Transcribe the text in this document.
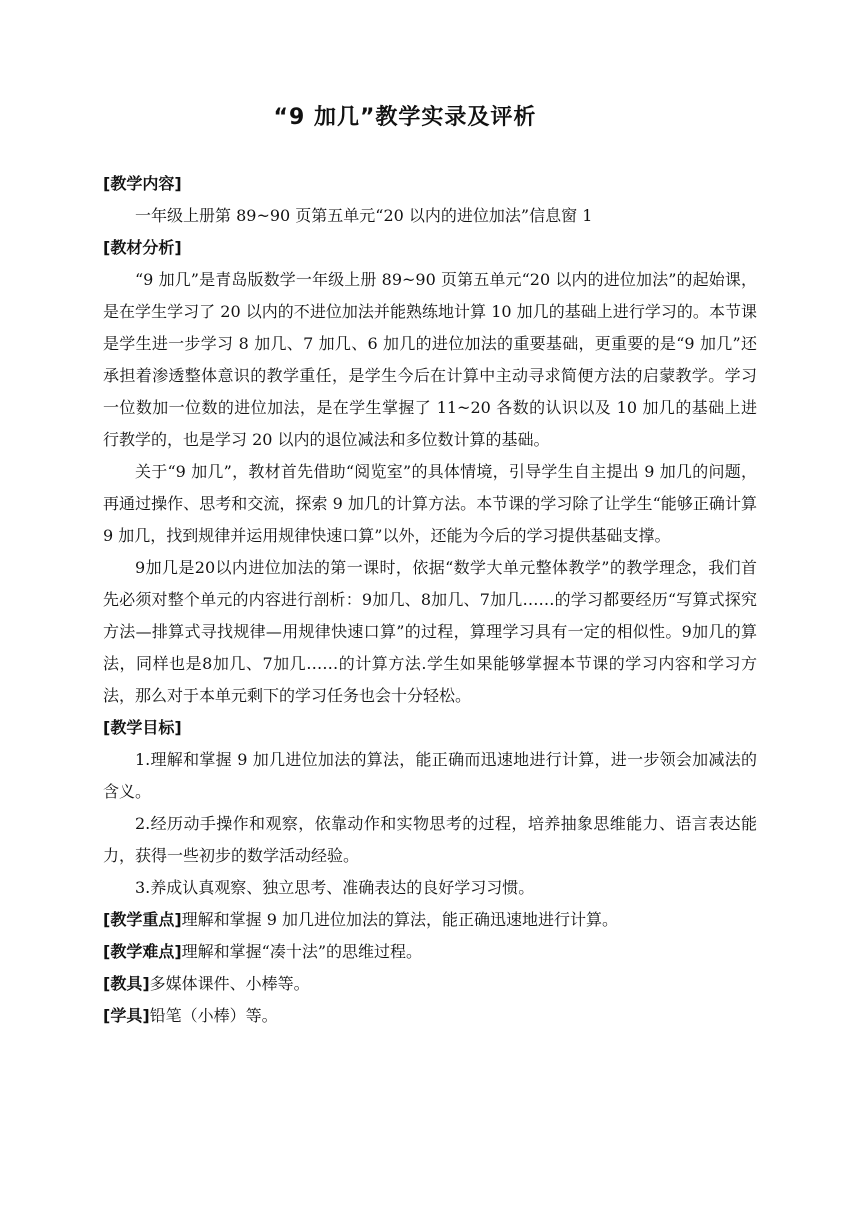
“9 加几”教学实录及评析

[教学内容]

一年级上册第 89~90 页第五单元“20 以内的进位加法”信息窗 1

[教材分析]

“9 加几”是青岛版数学一年级上册 89~90 页第五单元“20 以内的进位加法”的起始课，是在学生学习了 20 以内的不进位加法并能熟练地计算 10 加几的基础上进行学习的。本节课是学生进一步学习 8 加几、7 加几、6 加几的进位加法的重要基础，更重要的是“9 加几”还承担着渗透整体意识的教学重任，是学生今后在计算中主动寻求简便方法的启蒙教学。学习一位数加一位数的进位加法，是在学生掌握了 11~20 各数的认识以及 10 加几的基础上进行教学的，也是学习 20 以内的退位减法和多位数计算的基础。

关于“9 加几”，教材首先借助“阅览室”的具体情境，引导学生自主提出 9 加几的问题，再通过操作、思考和交流，探索 9 加几的计算方法。本节课的学习除了让学生“能够正确计算 9 加几，找到规律并运用规律快速口算”以外，还能为今后的学习提供基础支撑。

9加几是20以内进位加法的第一课时，依据“数学大单元整体教学”的教学理念，我们首先必须对整个单元的内容进行剖析：9加几、8加几、7加几……的学习都要经历“写算式探究方法—排算式寻找规律—用规律快速口算”的过程，算理学习具有一定的相似性。9加几的算法，同样也是8加几、7加几……的计算方法.学生如果能够掌握本节课的学习内容和学习方法，那么对于本单元剩下的学习任务也会十分轻松。

[教学目标]

1.理解和掌握 9 加几进位加法的算法，能正确而迅速地进行计算，进一步领会加减法的含义。

2.经历动手操作和观察，依靠动作和实物思考的过程，培养抽象思维能力、语言表达能力，获得一些初步的数学活动经验。

3.养成认真观察、独立思考、准确表达的良好学习习惯。

[教学重点]理解和掌握 9 加几进位加法的算法，能正确迅速地进行计算。

[教学难点]理解和掌握“凑十法”的思维过程。

[教具]多媒体课件、小棒等。

[学具]铅笔（小棒）等。
